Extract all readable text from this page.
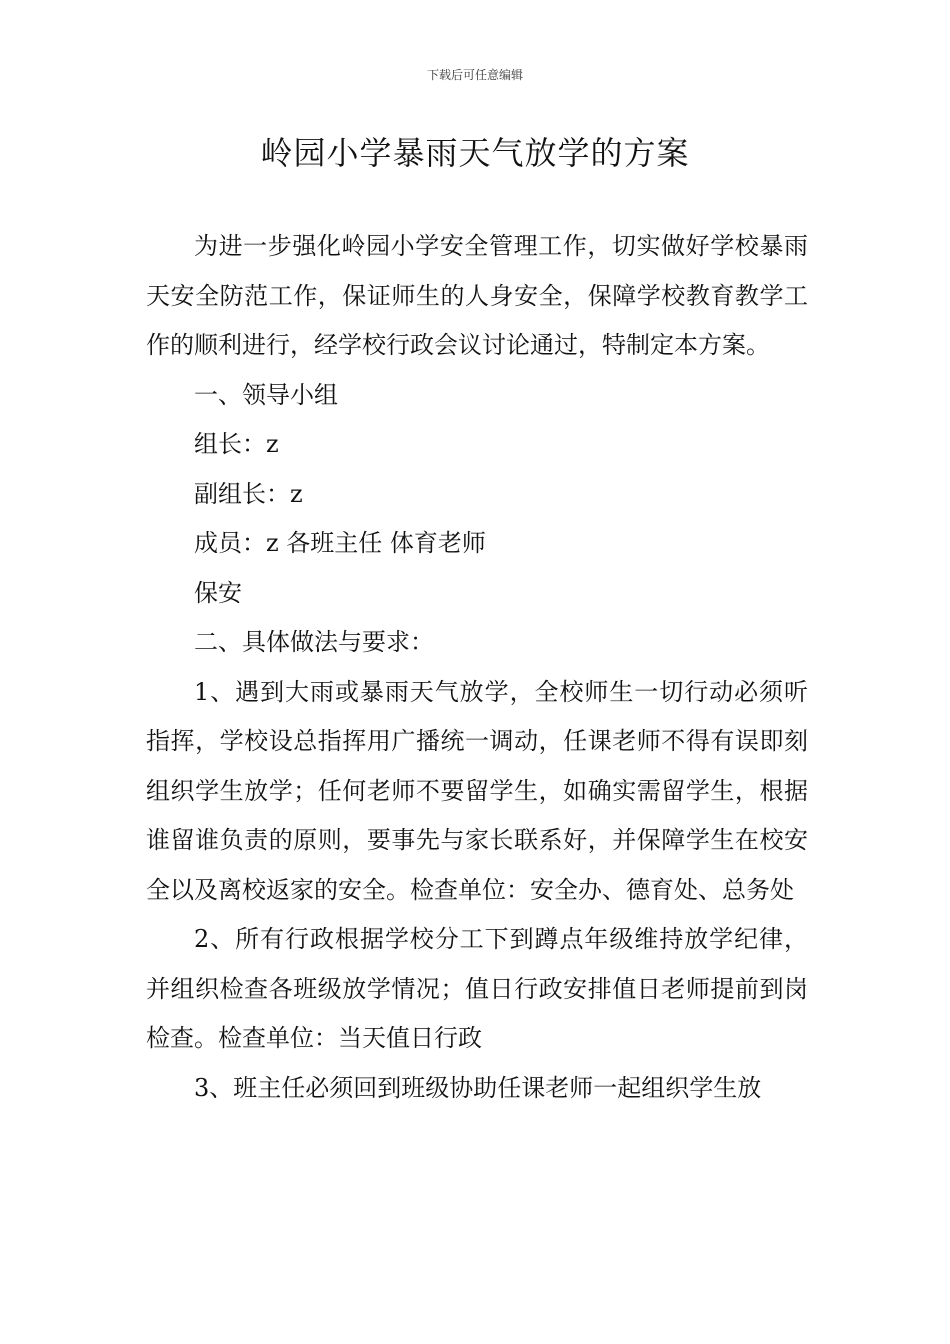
下载后可任意编辑
岭园小学暴雨天气放学的方案

为进一步强化岭园小学安全管理工作，切实做好学校暴雨天安全防范工作，保证师生的人身安全，保障学校教育教学工作的顺利进行，经学校行政会议讨论通过，特制定本方案。

一、领导小组

组长：z

副组长：z

成员：z 各班主任 体育老师

保安

二、具体做法与要求：

1、遇到大雨或暴雨天气放学，全校师生一切行动必须听指挥，学校设总指挥用广播统一调动，任课老师不得有误即刻组织学生放学；任何老师不要留学生，如确实需留学生，根据谁留谁负责的原则，要事先与家长联系好，并保障学生在校安全以及离校返家的安全。检查单位：安全办、德育处、总务处

2、所有行政根据学校分工下到蹲点年级维持放学纪律，并组织检查各班级放学情况；值日行政安排值日老师提前到岗检查。检查单位：当天值日行政

3、班主任必须回到班级协助任课老师一起组织学生放
